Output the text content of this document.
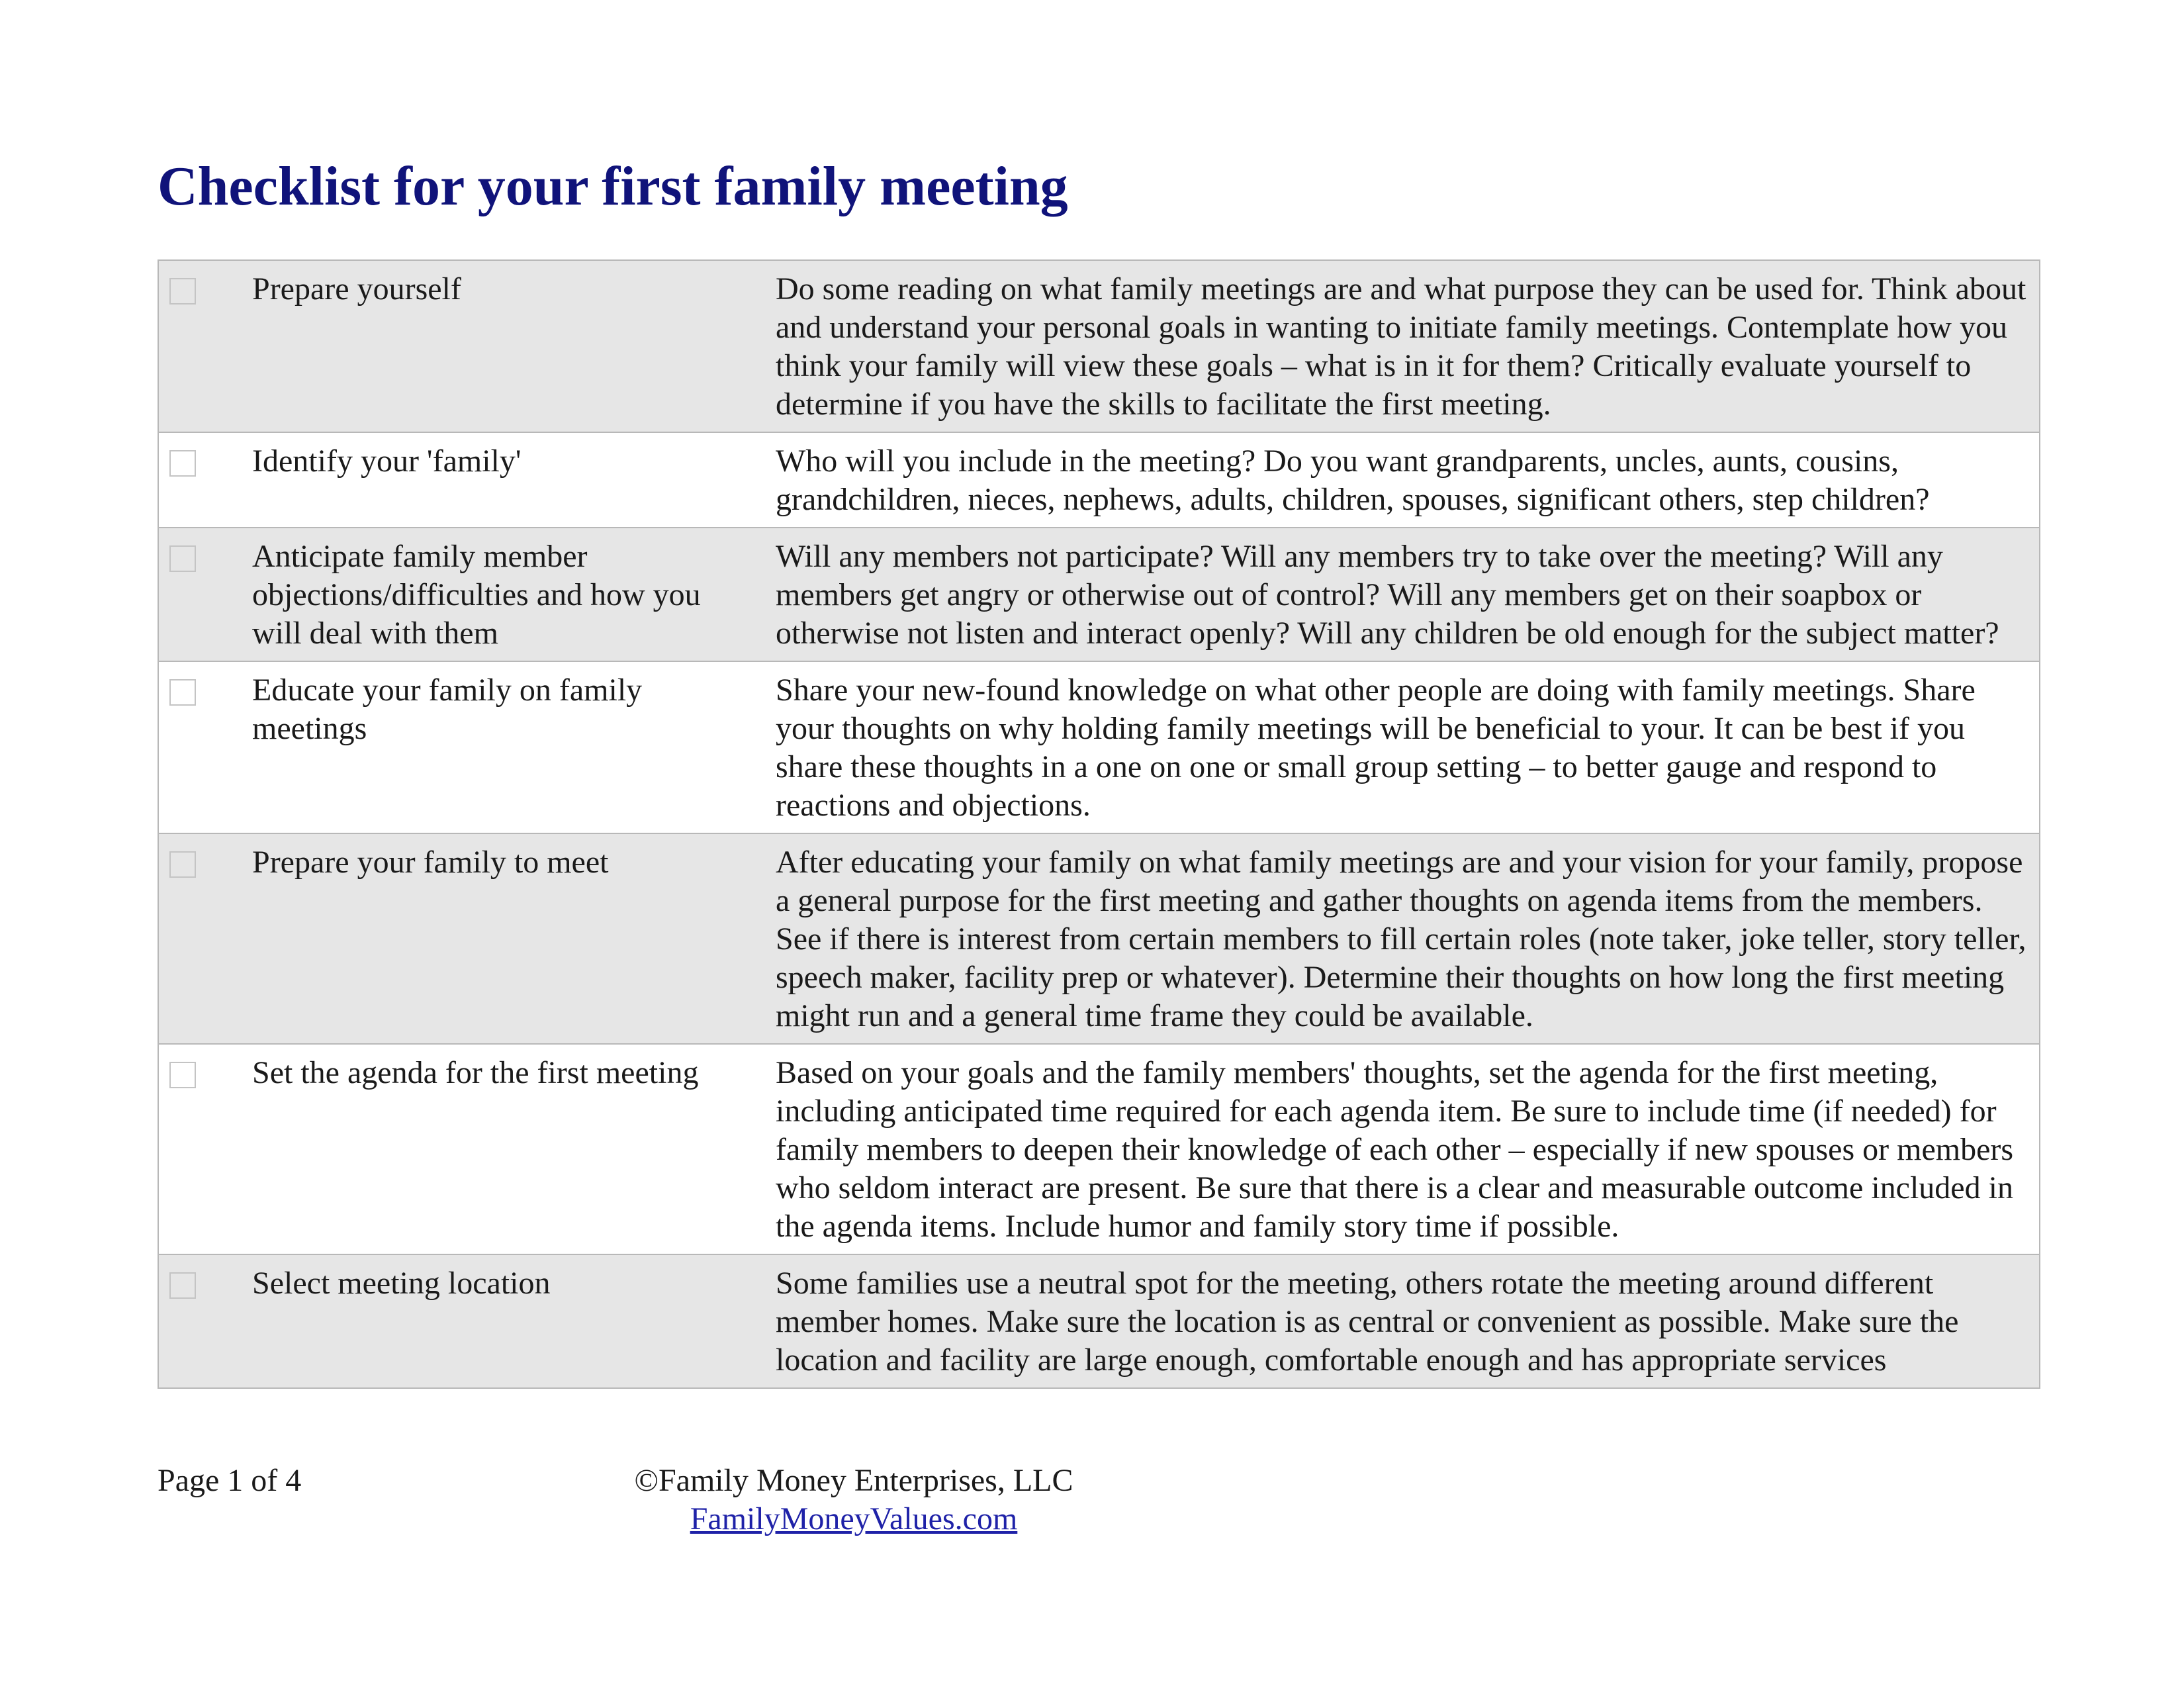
Checklist for your first family meeting
	Prepare yourself	Do some reading on what family meetings are and what purpose they can be used for. Think about and understand your personal goals in wanting to initiate family meetings. Contemplate how you think your family will view these goals – what is in it for them? Critically evaluate yourself to determine if you have the skills to facilitate the first meeting.

	Identify your 'family'	Who will you include in the meeting? Do you want grandparents, uncles, aunts, cousins, grandchildren, nieces, nephews, adults, children, spouses, significant others, step children?

	Anticipate family member objections/difficulties and how you will deal with them	Will any members not participate? Will any members try to take over the meeting? Will any members get angry or otherwise out of control? Will any members get on their soapbox or otherwise not listen and interact openly? Will any children be old enough for the subject matter?

	Educate your family on family meetings	Share your new-found knowledge on what other people are doing with family meetings. Share your thoughts on why holding family meetings will be beneficial to your. It can be best if you share these thoughts in a one on one or small group setting – to better gauge and respond to reactions and objections.

	Prepare your family to meet	After educating your family on what family meetings are and your vision for your family, propose a general purpose for the first meeting and gather thoughts on agenda items from the members. See if there is interest from certain members to fill certain roles (note taker, joke teller, story teller, speech maker, facility prep or whatever). Determine their thoughts on how long the first meeting might run and a general time frame they could be available.

	Set the agenda for the first meeting	Based on your goals and the family members' thoughts, set the agenda for the first meeting, including anticipated time required for each agenda item. Be sure to include time (if needed) for family members to deepen their knowledge of each other – especially if new spouses or members who seldom interact are present. Be sure that there is a clear and measurable outcome included in the agenda items. Include humor and family story time if possible.

	Select meeting location	Some families use a neutral spot for the meeting, others rotate the meeting around different member homes. Make sure the location is as central or convenient as possible. Make sure the location and facility are large enough, comfortable enough and has appropriate services
Page 1 of 4	©Family Money Enterprises, LLC
FamilyMoneyValues.com
